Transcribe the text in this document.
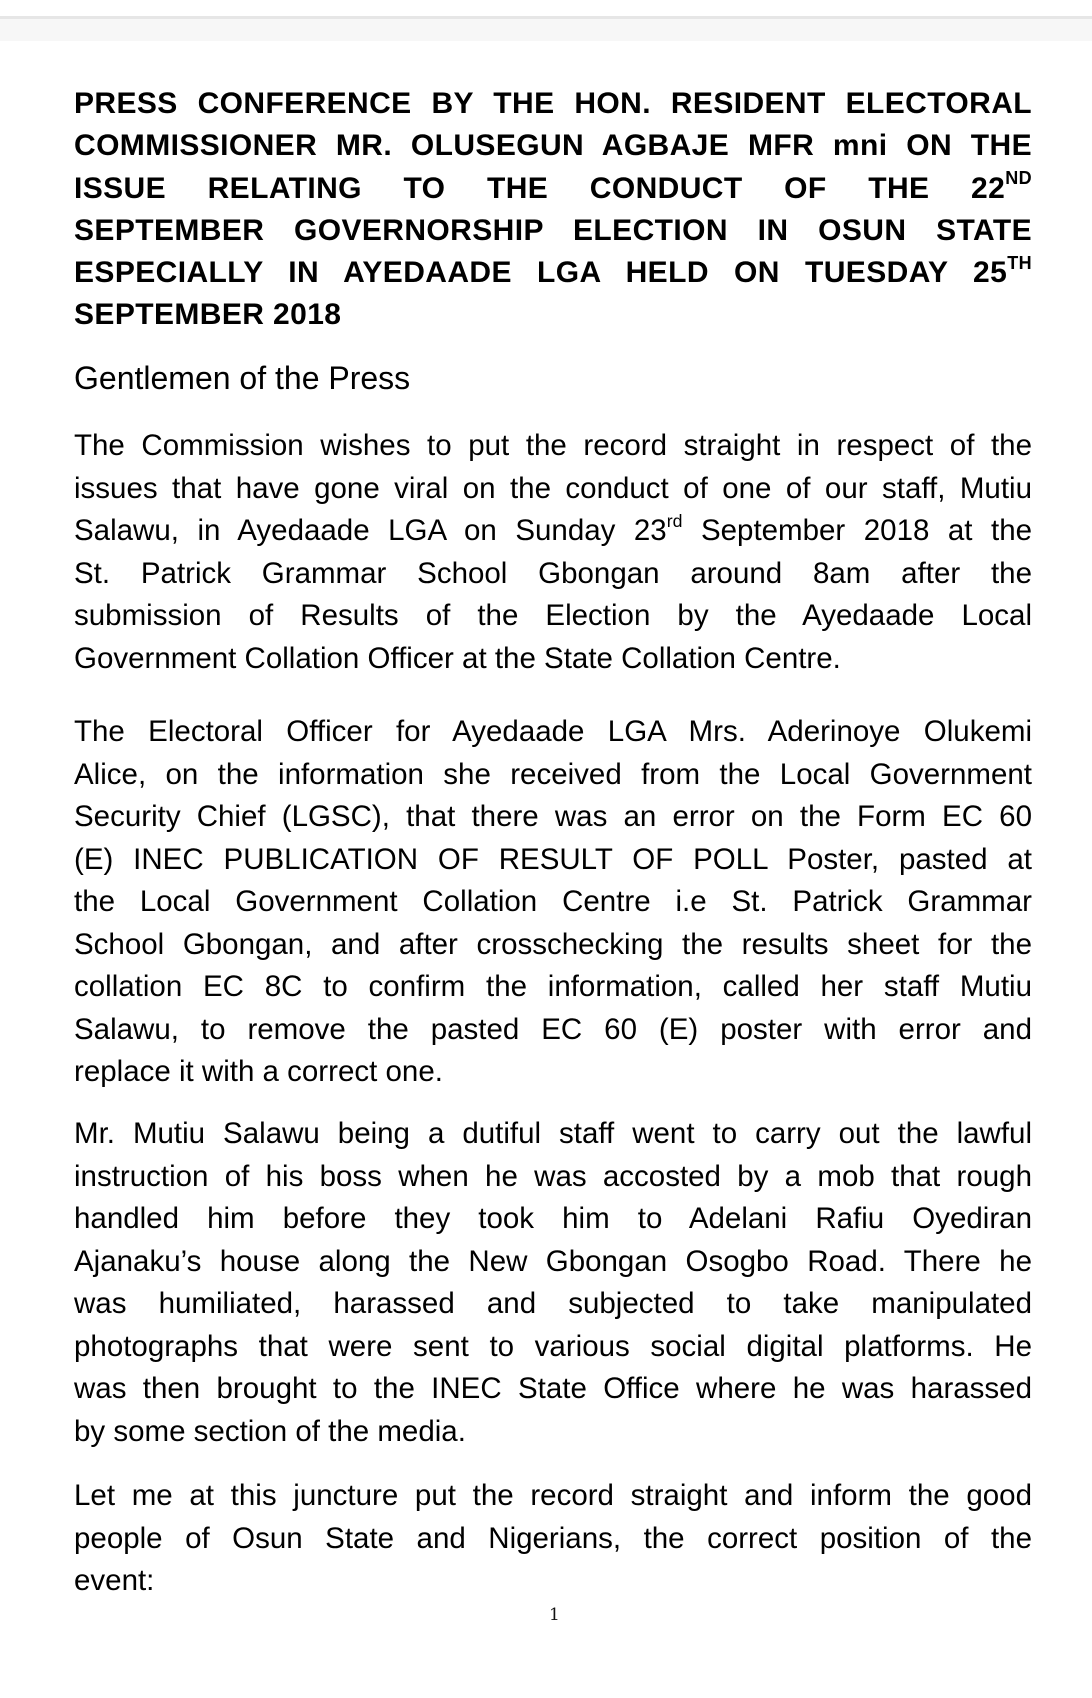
PRESS CONFERENCE BY THE HON. RESIDENT ELECTORAL
COMMISSIONER MR. OLUSEGUN AGBAJE MFR mni ON THE
ISSUE RELATING TO THE CONDUCT OF THE 22ND
SEPTEMBER GOVERNORSHIP ELECTION IN OSUN STATE
ESPECIALLY IN AYEDAADE LGA HELD ON TUESDAY 25TH
SEPTEMBER 2018
Gentlemen of the Press

The Commission wishes to put the record straight in respect of the
issues that have gone viral on the conduct of one of our staff, Mutiu
Salawu, in Ayedaade LGA on Sunday 23rd September 2018 at the
St. Patrick Grammar School Gbongan around 8am after the
submission of Results of the Election by the Ayedaade Local
Government Collation Officer at the State Collation Centre.

The Electoral Officer for Ayedaade LGA Mrs. Aderinoye Olukemi
Alice, on the information she received from the Local Government
Security Chief (LGSC), that there was an error on the Form EC 60
(E) INEC PUBLICATION OF RESULT OF POLL Poster, pasted at
the Local Government Collation Centre i.e St. Patrick Grammar
School Gbongan, and after crosschecking the results sheet for the
collation EC 8C to confirm the information, called her staff Mutiu
Salawu, to remove the pasted EC 60 (E) poster with error and
replace it with a correct one.

Mr. Mutiu Salawu being a dutiful staff went to carry out the lawful
instruction of his boss when he was accosted by a mob that rough
handled him before they took him to Adelani Rafiu Oyediran
Ajanaku’s house along the New Gbongan Osogbo Road. There he
was humiliated, harassed and subjected to take manipulated
photographs that were sent to various social digital platforms. He
was then brought to the INEC State Office where he was harassed
by some section of the media.

Let me at this juncture put the record straight and inform the good
people of Osun State and Nigerians, the correct position of the
event:

1
